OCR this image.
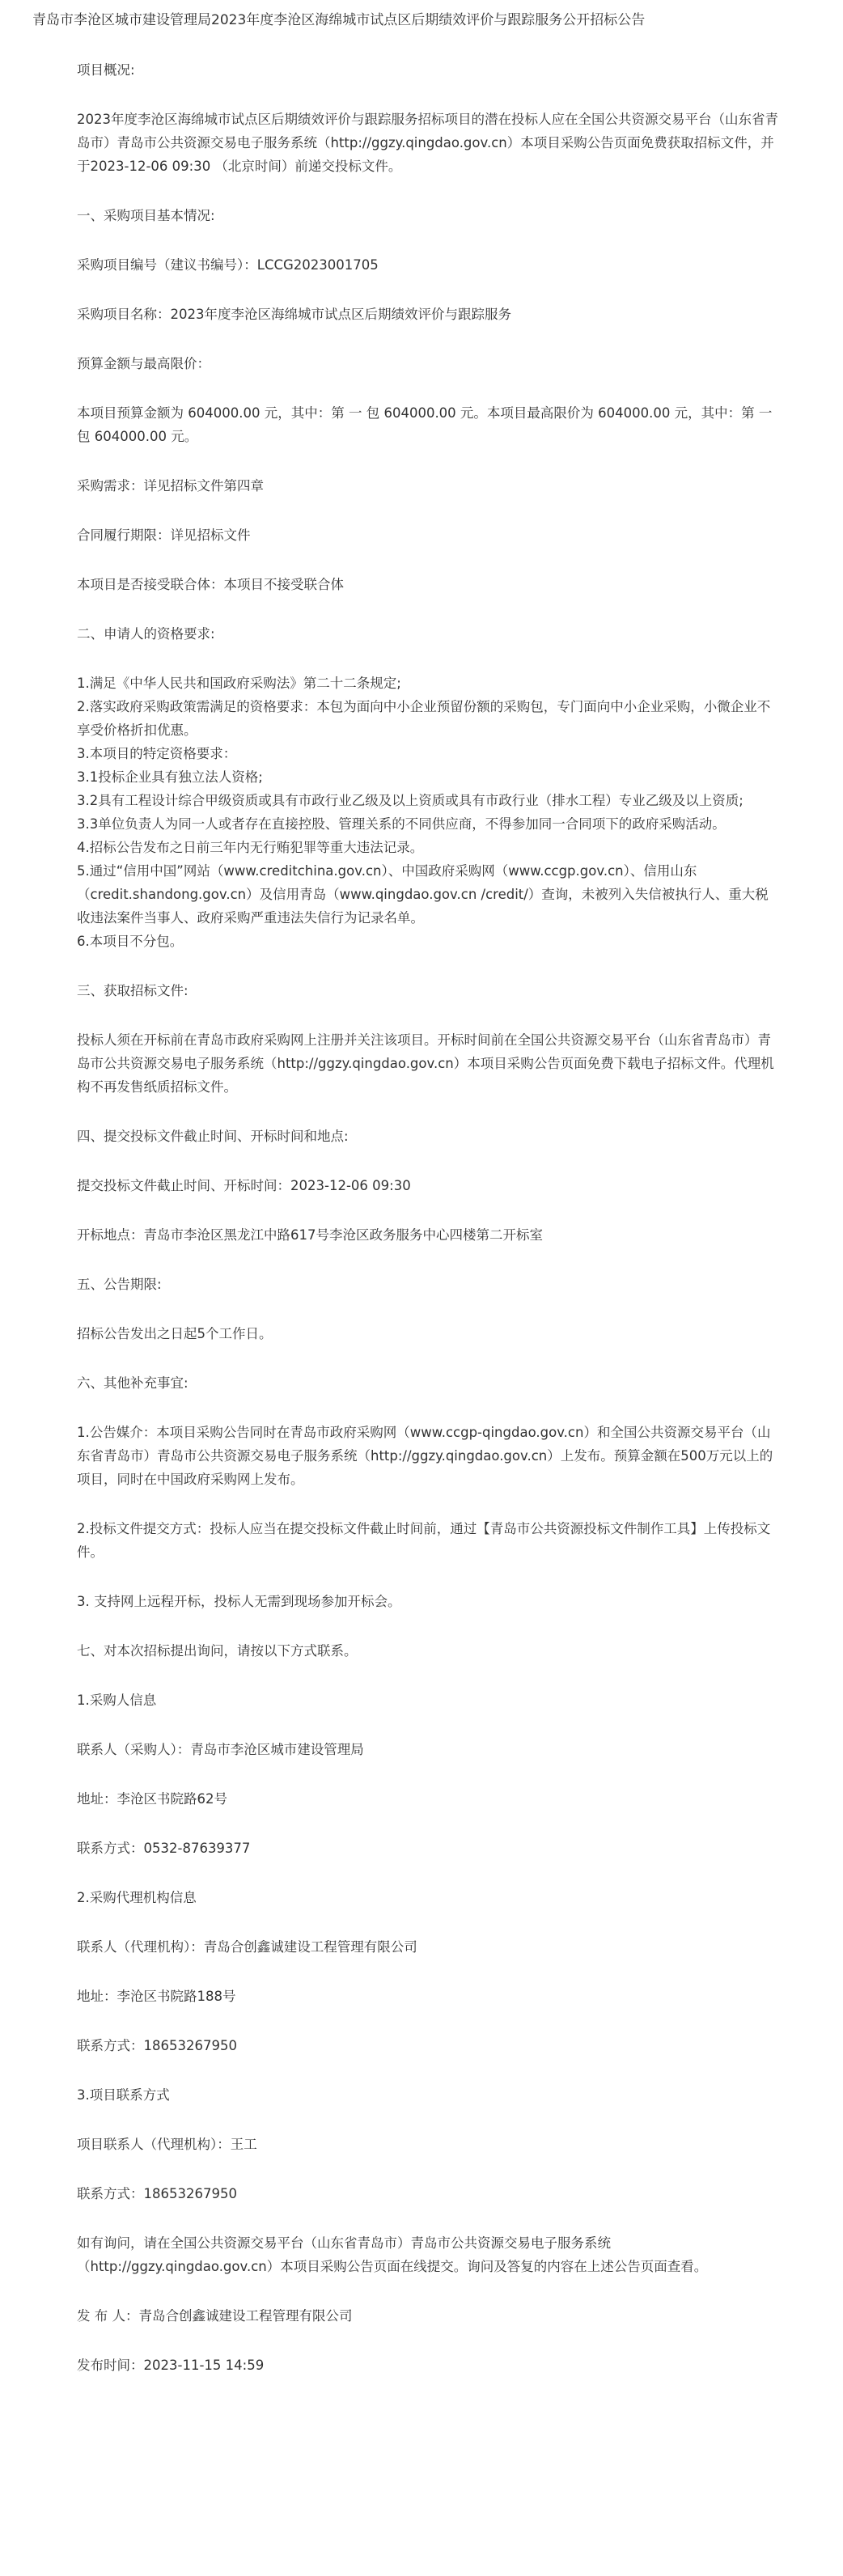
青岛市李沧区城市建设管理局2023年度李沧区海绵城市试点区后期绩效评价与跟踪服务公开招标公告
项目概况:
2023年度李沧区海绵城市试点区后期绩效评价与跟踪服务招标项目的潜在投标人应在全国公共资源交易平台（山东省青岛市）青岛市公共资源交易电子服务系统（http://ggzy.qingdao.gov.cn）本项目采购公告页面免费获取招标文件，并于2023-12-06 09:30 （北京时间）前递交投标文件。
一、采购项目基本情况:
采购项目编号（建议书编号）：LCCG2023001705
采购项目名称：2023年度李沧区海绵城市试点区后期绩效评价与跟踪服务
预算金额与最高限价：
本项目预算金额为 604000.00 元，其中：第 一 包 604000.00 元。本项目最高限价为 604000.00 元，其中：第 一 包 604000.00 元。
采购需求：详见招标文件第四章
合同履行期限：详见招标文件
本项目是否接受联合体：本项目不接受联合体
二、申请人的资格要求:
1.满足《中华人民共和国政府采购法》第二十二条规定;
2.落实政府采购政策需满足的资格要求：本包为面向中小企业预留份额的采购包，专门面向中小企业采购，小微企业不享受价格折扣优惠。
3.本项目的特定资格要求：
3.1投标企业具有独立法人资格;
3.2具有工程设计综合甲级资质或具有市政行业乙级及以上资质或具有市政行业（排水工程）专业乙级及以上资质;
3.3单位负责人为同一人或者存在直接控股、管理关系的不同供应商，不得参加同一合同项下的政府采购活动。
4.招标公告发布之日前三年内无行贿犯罪等重大违法记录。
5.通过“信用中国”网站（www.creditchina.gov.cn）、中国政府采购网（www.ccgp.gov.cn）、信用山东（credit.shandong.gov.cn）及信用青岛（www.qingdao.gov.cn /credit/）查询，未被列入失信被执行人、重大税收违法案件当事人、政府采购严重违法失信行为记录名单。
6.本项目不分包。
三、获取招标文件:
投标人须在开标前在青岛市政府采购网上注册并关注该项目。开标时间前在全国公共资源交易平台（山东省青岛市）青岛市公共资源交易电子服务系统（http://ggzy.qingdao.gov.cn）本项目采购公告页面免费下载电子招标文件。代理机构不再发售纸质招标文件。
四、提交投标文件截止时间、开标时间和地点:
提交投标文件截止时间、开标时间：2023-12-06 09:30
开标地点：青岛市李沧区黑龙江中路617号李沧区政务服务中心四楼第二开标室
五、公告期限:
招标公告发出之日起5个工作日。
六、其他补充事宜:
1.公告媒介：本项目采购公告同时在青岛市政府采购网（www.ccgp-qingdao.gov.cn）和全国公共资源交易平台（山东省青岛市）青岛市公共资源交易电子服务系统（http://ggzy.qingdao.gov.cn）上发布。预算金额在500万元以上的项目，同时在中国政府采购网上发布。
2.投标文件提交方式：投标人应当在提交投标文件截止时间前，通过【青岛市公共资源投标文件制作工具】上传投标文件。
3. 支持网上远程开标，投标人无需到现场参加开标会。
七、对本次招标提出询问，请按以下方式联系。
1.采购人信息
联系人（采购人）：青岛市李沧区城市建设管理局
地址：李沧区书院路62号
联系方式：0532-87639377
2.采购代理机构信息
联系人（代理机构）：青岛合创鑫诚建设工程管理有限公司
地址：李沧区书院路188号
联系方式：18653267950
3.项目联系方式
项目联系人（代理机构）：王工
联系方式：18653267950
如有询问，请在全国公共资源交易平台（山东省青岛市）青岛市公共资源交易电子服务系统（http://ggzy.qingdao.gov.cn）本项目采购公告页面在线提交。询问及答复的内容在上述公告页面查看。
发 布 人：青岛合创鑫诚建设工程管理有限公司
发布时间：2023-11-15 14:59
